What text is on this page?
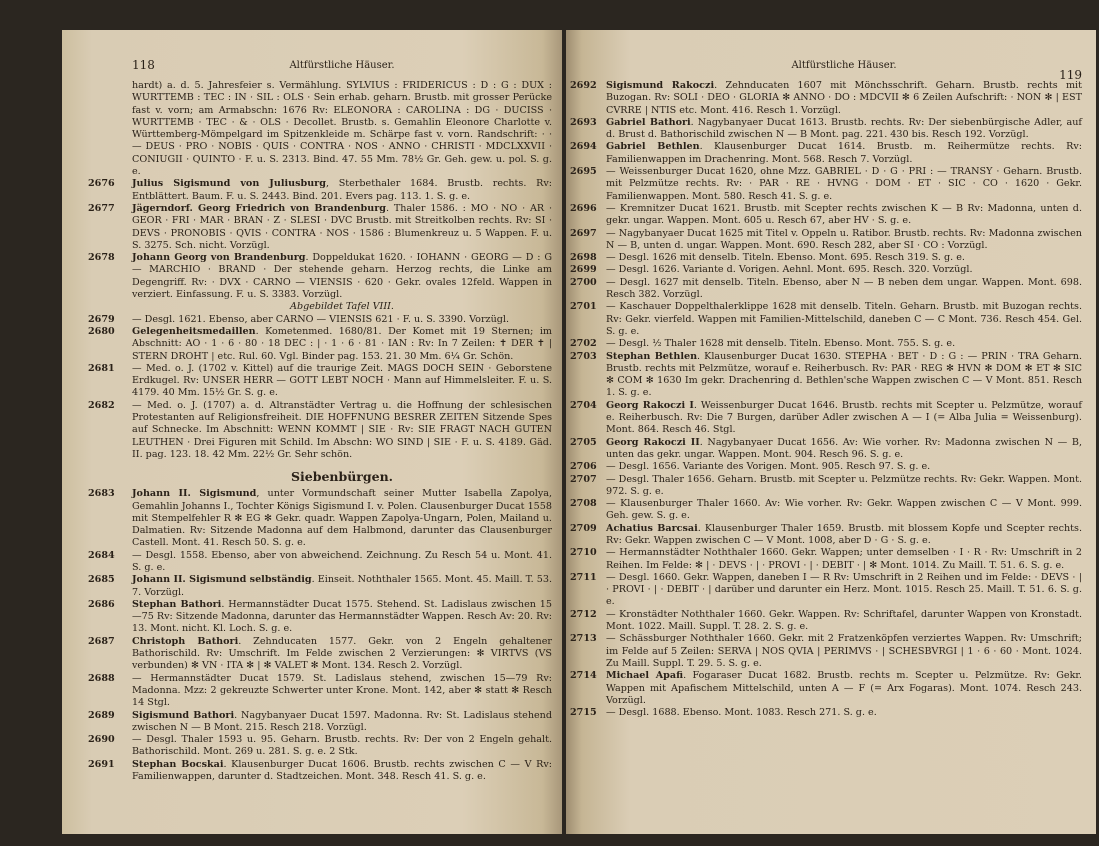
118	Altfürstliche Häuser.

hardt) a. d. 5. Jahresfeier s. Vermählung. SYLVIUS : FRIDERICUS : D : G : DUX : WURTTEMB : TEC : IN · SIL : OLS · Sein erhab. geharn. Brustb. mit grosser Perücke fast v. vorn; am Armabschn: 1676 Rv: ELEONORA : CAROLINA : DG · DUCISS · WURTTEMB · TEC · & · OLS · Decollet. Brustb. s. Gemahlin Eleonore Charlotte v. Württemberg-Mömpelgard im Spitzenkleide m. Schärpe fast v. vorn. Randschrift: · · — DEUS · PRO · NOBIS · QUIS · CONTRA · NOS · ANNO · CHRISTI · MDCLXXVII · CONIUGII · QUINTO · F. u. S. 2313. Bind. 47. 55 Mm. 78½ Gr. Geh. gew. u. pol. S. g. e.

2676 Julius Sigismund von Juliusburg, Sterbethaler 1684. Brustb. rechts. Rv: Entblättert. Baum. F. u. S. 2443. Bind. 201. Evers pag. 113. 1. S. g. e.

2677 Jägerndorf. Georg Friedrich von Brandenburg. Thaler 1586. : MO · NO · AR · GEOR · FRI · MAR · BRAN · Z · SLESI · DVC Brustb. mit Streitkolben rechts. Rv: SI · DEVS · PRONOBIS · QVIS · CONTRA · NOS · 1586 : Blumenkreuz u. 5 Wappen. F. u. S. 3275. Sch. nicht. Vorzügl.

2678 Johann Georg von Brandenburg. Doppeldukat 1620. · IOHANN · GEORG — D : G — MARCHIO · BRAND · Der stehende geharn. Herzog rechts, die Linke am Degengriff. Rv: · DVX · CARNO — VIENSIS · 620 · Gekr. ovales 12feld. Wappen in verziert. Einfassung. F. u. S. 3383. Vorzügl.

Abgebildet Tafel VIII.

2679 — Desgl. 1621. Ebenso, aber CARNO — VIENSIS 621 · F. u. S. 3390. Vorzügl.

2680 Gelegenheitsmedaillen. Kometenmed. 1680/81. Der Komet mit 19 Sternen; im Abschnitt: AO · 1 · 6 · 80 · 18 DEC : | · 1 · 6 · 81 · IAN : Rv: In 7 Zeilen: ✝ DER ✝ | STERN DROHT | etc. Rul. 60. Vgl. Binder pag. 153. 21. 30 Mm. 6¼ Gr. Schön.

2681 — Med. o. J. (1702 v. Kittel) auf die traurige Zeit. MAGS DOCH SEIN · Geborstene Erdkugel. Rv: UNSER HERR — GOTT LEBT NOCH · Mann auf Himmelsleiter. F. u. S. 4179. 40 Mm. 15½ Gr. S. g. e.

2682 — Med. o. J. (1707) a. d. Altranstädter Vertrag u. die Hoffnung der schlesischen Protestanten auf Religionsfreiheit. DIE HOFFNUNG BESRER ZEITEN Sitzende Spes auf Schnecke. Im Abschnitt: WENN KOMMT | SIE · Rv: SIE FRAGT NACH GUTEN LEUTHEN · Drei Figuren mit Schild. Im Abschn: WO SIND | SIE · F. u. S. 4189. Gäd. II. pag. 123. 18. 42 Mm. 22½ Gr. Sehr schön.

Siebenbürgen.

2683 Johann II. Sigismund, unter Vormundschaft seiner Mutter Isabella Zapolya, Gemahlin Johanns I., Tochter Königs Sigismund I. v. Polen. Clausenburger Ducat 1558 mit Stempelfehler R ✻ EG ✻ Gekr. quadr. Wappen Zapolya-Ungarn, Polen, Mailand u. Dalmatien. Rv: Sitzende Madonna auf dem Halbmond, darunter das Clausenburger Castell. Mont. 41. Resch 50. S. g. e.

2684 — Desgl. 1558. Ebenso, aber von abweichend. Zeichnung. Zu Resch 54 u. Mont. 41. S. g. e.

2685 Johann II. Sigismund selbständig. Einseit. Noththaler 1565. Mont. 45. Maill. T. 53. 7. Vorzügl.

2686 Stephan Bathori. Hermannstädter Ducat 1575. Stehend. St. Ladislaus zwischen 15—75 Rv: Sitzende Madonna, darunter das Hermannstädter Wappen. Resch Av: 20. Rv: 13. Mont. nicht. Kl. Loch. S. g. e.

2687 Christoph Bathori. Zehnducaten 1577. Gekr. von 2 Engeln gehaltener Bathorischild. Rv: Umschrift. Im Felde zwischen 2 Verzierungen: ✻ VIRTVS (VS verbunden) ✻ VN · ITA ✻ | ✻ VALET ✻ Mont. 134. Resch 2. Vorzügl.

2688 — Hermannstädter Ducat 1579. St. Ladislaus stehend, zwischen 15—79 Rv: Madonna. Mzz: 2 gekreuzte Schwerter unter Krone. Mont. 142, aber ✻ statt ✻ Resch 14 Stgl.

2689 Sigismund Bathori. Nagybanyaer Ducat 1597. Madonna. Rv: St. Ladislaus stehend zwischen N — B Mont. 215. Resch 218. Vorzügl.

2690 — Desgl. Thaler 1593 u. 95. Geharn. Brustb. rechts. Rv: Der von 2 Engeln gehalt. Bathorischild. Mont. 269 u. 281. S. g. e. 2 Stk.

2691 Stephan Bocskai. Klausenburger Ducat 1606. Brustb. rechts zwischen C — V Rv: Familienwappen, darunter d. Stadtzeichen. Mont. 348. Resch 41. S. g. e.

Altfürstliche Häuser.
119

2692 Sigismund Rakoczi. Zehnducaten 1607 mit Mönchsschrift. Geharn. Brustb. rechts mit Buzogan. Rv: SOLI · DEO · GLORIA ✻ ANNO · DO : MDCVII ✻ 6 Zeilen Aufschrift: · NON ✻ | EST CVRRE | NTIS etc. Mont. 416. Resch 1. Vorzügl.

2693 Gabriel Bathori. Nagybanyaer Ducat 1613. Brustb. rechts. Rv: Der siebenbürgische Adler, auf d. Brust d. Bathorischild zwischen N — B Mont. pag. 221. 430 bis. Resch 192. Vorzügl.

2694 Gabriel Bethlen. Klausenburger Ducat 1614. Brustb. m. Reihermütze rechts. Rv: Familienwappen im Drachenring. Mont. 568. Resch 7. Vorzügl.

2695 — Weissenburger Ducat 1620, ohne Mzz. GABRIEL · D · G · PRI : — TRANSY · Geharn. Brustb. mit Pelzmütze rechts. Rv: · PAR · RE · HVNG · DOM · ET · SIC · CO · 1620 · Gekr. Familienwappen. Mont. 580. Resch 41. S. g. e.

2696 — Kremnitzer Ducat 1621. Brustb. mit Scepter rechts zwischen K — B Rv: Madonna, unten d. gekr. ungar. Wappen. Mont. 605 u. Resch 67, aber HV · S. g. e.

2697 — Nagybanyaer Ducat 1625 mit Titel v. Oppeln u. Ratibor. Brustb. rechts. Rv: Madonna zwischen N — B, unten d. ungar. Wappen. Mont. 690. Resch 282, aber SI · CO : Vorzügl.

2698 — Desgl. 1626 mit denselb. Titeln. Ebenso. Mont. 695. Resch 319. S. g. e.

2699 — Desgl. 1626. Variante d. Vorigen. Aehnl. Mont. 695. Resch. 320. Vorzügl.

2700 — Desgl. 1627 mit denselb. Titeln. Ebenso, aber N — B neben dem ungar. Wappen. Mont. 698. Resch 382. Vorzügl.

2701 — Kaschauer Doppelthalerklippe 1628 mit denselb. Titeln. Geharn. Brustb. mit Buzogan rechts. Rv: Gekr. vierfeld. Wappen mit Familien-Mittelschild, daneben C — C Mont. 736. Resch 454. Gel. S. g. e.

2702 — Desgl. ½ Thaler 1628 mit denselb. Titeln. Ebenso. Mont. 755. S. g. e.

2703 Stephan Bethlen. Klausenburger Ducat 1630. STEPHA · BET · D : G : — PRIN · TRA Geharn. Brustb. rechts mit Pelzmütze, worauf e. Reiherbusch. Rv: PAR · REG ✻ HVN ✻ DOM ✻ ET ✻ SIC ✻ COM ✻ 1630 Im gekr. Drachenring d. Bethlen'sche Wappen zwischen C — V Mont. 851. Resch 1. S. g. e.

2704 Georg Rakoczi I. Weissenburger Ducat 1646. Brustb. rechts mit Scepter u. Pelzmütze, worauf e. Reiherbusch. Rv: Die 7 Burgen, darüber Adler zwischen A — I (= Alba Julia = Weissenburg). Mont. 864. Resch 46. Stgl.

2705 Georg Rakoczi II. Nagybanyaer Ducat 1656. Av: Wie vorher. Rv: Madonna zwischen N — B, unten das gekr. ungar. Wappen. Mont. 904. Resch 96. S. g. e.

2706 — Desgl. 1656. Variante des Vorigen. Mont. 905. Resch 97. S. g. e.

2707 — Desgl. Thaler 1656. Geharn. Brustb. mit Scepter u. Pelzmütze rechts. Rv: Gekr. Wappen. Mont. 972. S. g. e.

2708 — Klausenburger Thaler 1660. Av: Wie vorher. Rv: Gekr. Wappen zwischen C — V Mont. 999. Geh. gew. S. g. e.

2709 Achatius Barcsai. Klausenburger Thaler 1659. Brustb. mit blossem Kopfe und Scepter rechts. Rv: Gekr. Wappen zwischen C — V Mont. 1008, aber D · G · S. g. e.

2710 — Hermannstädter Noththaler 1660. Gekr. Wappen; unter demselben · I · R · Rv: Umschrift in 2 Reihen. Im Felde: ✻ | · DEVS · | · PROVI · | · DEBIT · | ✻ Mont. 1014. Zu Maill. T. 51. 6. S. g. e.

2711 — Desgl. 1660. Gekr. Wappen, daneben I — R Rv: Umschrift in 2 Reihen und im Felde: · DEVS · | · PROVI · | · DEBIT · | darüber und darunter ein Herz. Mont. 1015. Resch 25. Maill. T. 51. 6. S. g. e.

2712 — Kronstädter Noththaler 1660. Gekr. Wappen. Rv: Schriftafel, darunter Wappen von Kronstadt. Mont. 1022. Maill. Suppl. T. 28. 2. S. g. e.

2713 — Schässburger Noththaler 1660. Gekr. mit 2 Fratzenköpfen verziertes Wappen. Rv: Umschrift; im Felde auf 5 Zeilen: SERVA | NOS QVIA | PERIMVS · | SCHESBVRGI | 1 · 6 · 60 · Mont. 1024. Zu Maill. Suppl. T. 29. 5. S. g. e.

2714 Michael Apafi. Fogaraser Ducat 1682. Brustb. rechts m. Scepter u. Pelzmütze. Rv: Gekr. Wappen mit Apafischem Mittelschild, unten A — F (= Arx Fogaras). Mont. 1074. Resch 243. Vorzügl.

2715 — Desgl. 1688. Ebenso. Mont. 1083. Resch 271. S. g. e.
